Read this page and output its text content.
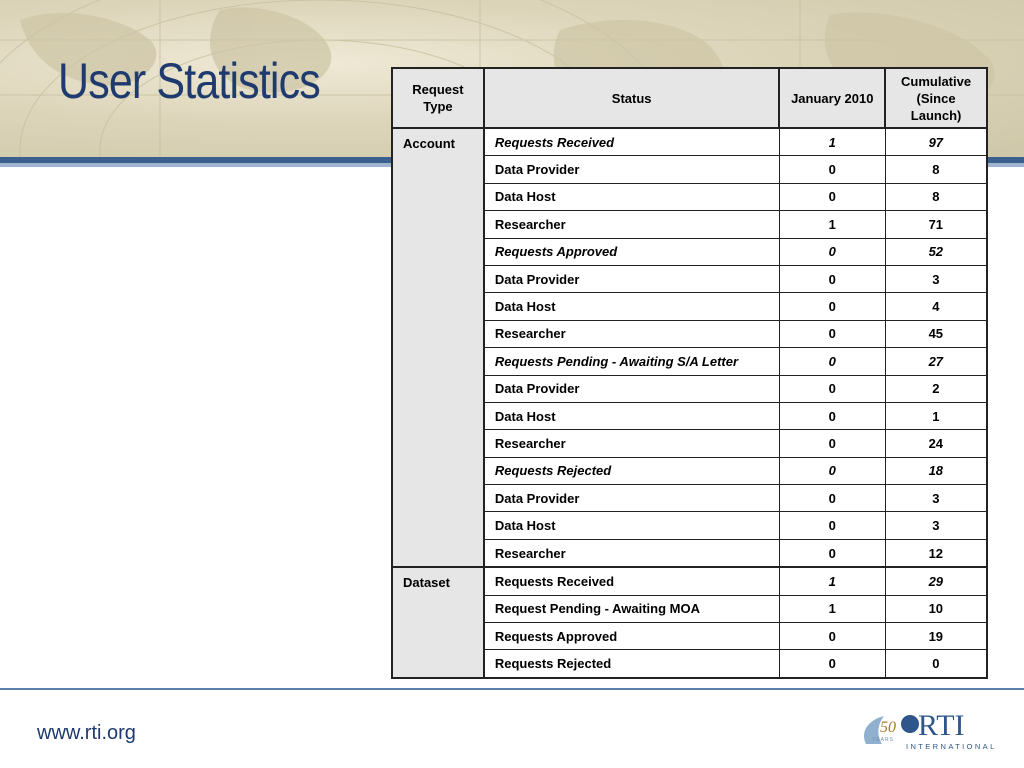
User Statistics	Request Type	Status	January 2010	Cumulative (Since Launch)
Account	Requests Received	1	97
	Data Provider	0	8
	Data Host	0	8
	Researcher	1	71
	Requests Approved	0	52
	Data Provider	0	3
	Data Host	0	4
	Researcher	0	45
	Requests Pending - Awaiting S/A Letter	0	27
	Data Provider	0	2
	Data Host	0	1
	Researcher	0	24
	Requests Rejected	0	18
	Data Provider	0	3
	Data Host	0	3
	Researcher	0	12
Dataset	Requests Received	1	29
	Request Pending - Awaiting MOA	1	10
	Requests Approved	0	19
	Requests Rejected	0	0
www.rti.org	50
YEARS RTI
INTERNATIONAL
